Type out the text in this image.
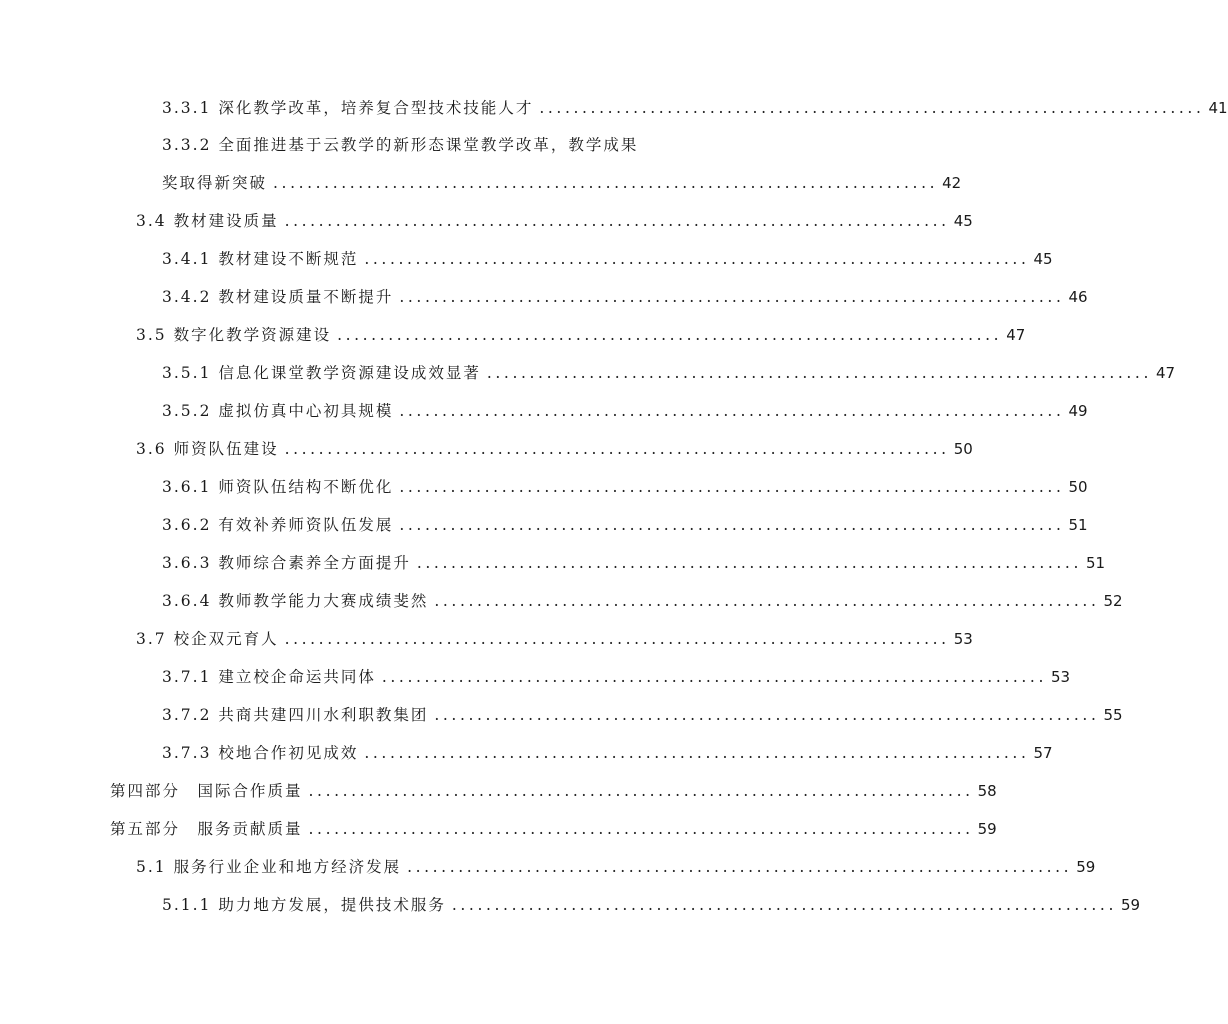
3.3.1 深化教学改革，培养复合型技术技能人才 .............................................................................. 41
3.3.2 全面推进基于云教学的新形态课堂教学改革，教学成果
奖取得新突破 .............................................................................. 42
3.4 教材建设质量 .............................................................................. 45
3.4.1 教材建设不断规范 .............................................................................. 45
3.4.2 教材建设质量不断提升 .............................................................................. 46
3.5 数字化教学资源建设 .............................................................................. 47
3.5.1 信息化课堂教学资源建设成效显著 .............................................................................. 47
3.5.2 虚拟仿真中心初具规模 .............................................................................. 49
3.6 师资队伍建设 .............................................................................. 50
3.6.1 师资队伍结构不断优化 .............................................................................. 50
3.6.2 有效补养师资队伍发展 .............................................................................. 51
3.6.3 教师综合素养全方面提升 .............................................................................. 51
3.6.4 教师教学能力大赛成绩斐然 .............................................................................. 52
3.7 校企双元育人 .............................................................................. 53
3.7.1 建立校企命运共同体 .............................................................................. 53
3.7.2 共商共建四川水利职教集团 .............................................................................. 55
3.7.3 校地合作初见成效 .............................................................................. 57
第四部分　国际合作质量 .............................................................................. 58
第五部分　服务贡献质量 .............................................................................. 59
5.1 服务行业企业和地方经济发展 .............................................................................. 59
5.1.1 助力地方发展，提供技术服务 .............................................................................. 59
